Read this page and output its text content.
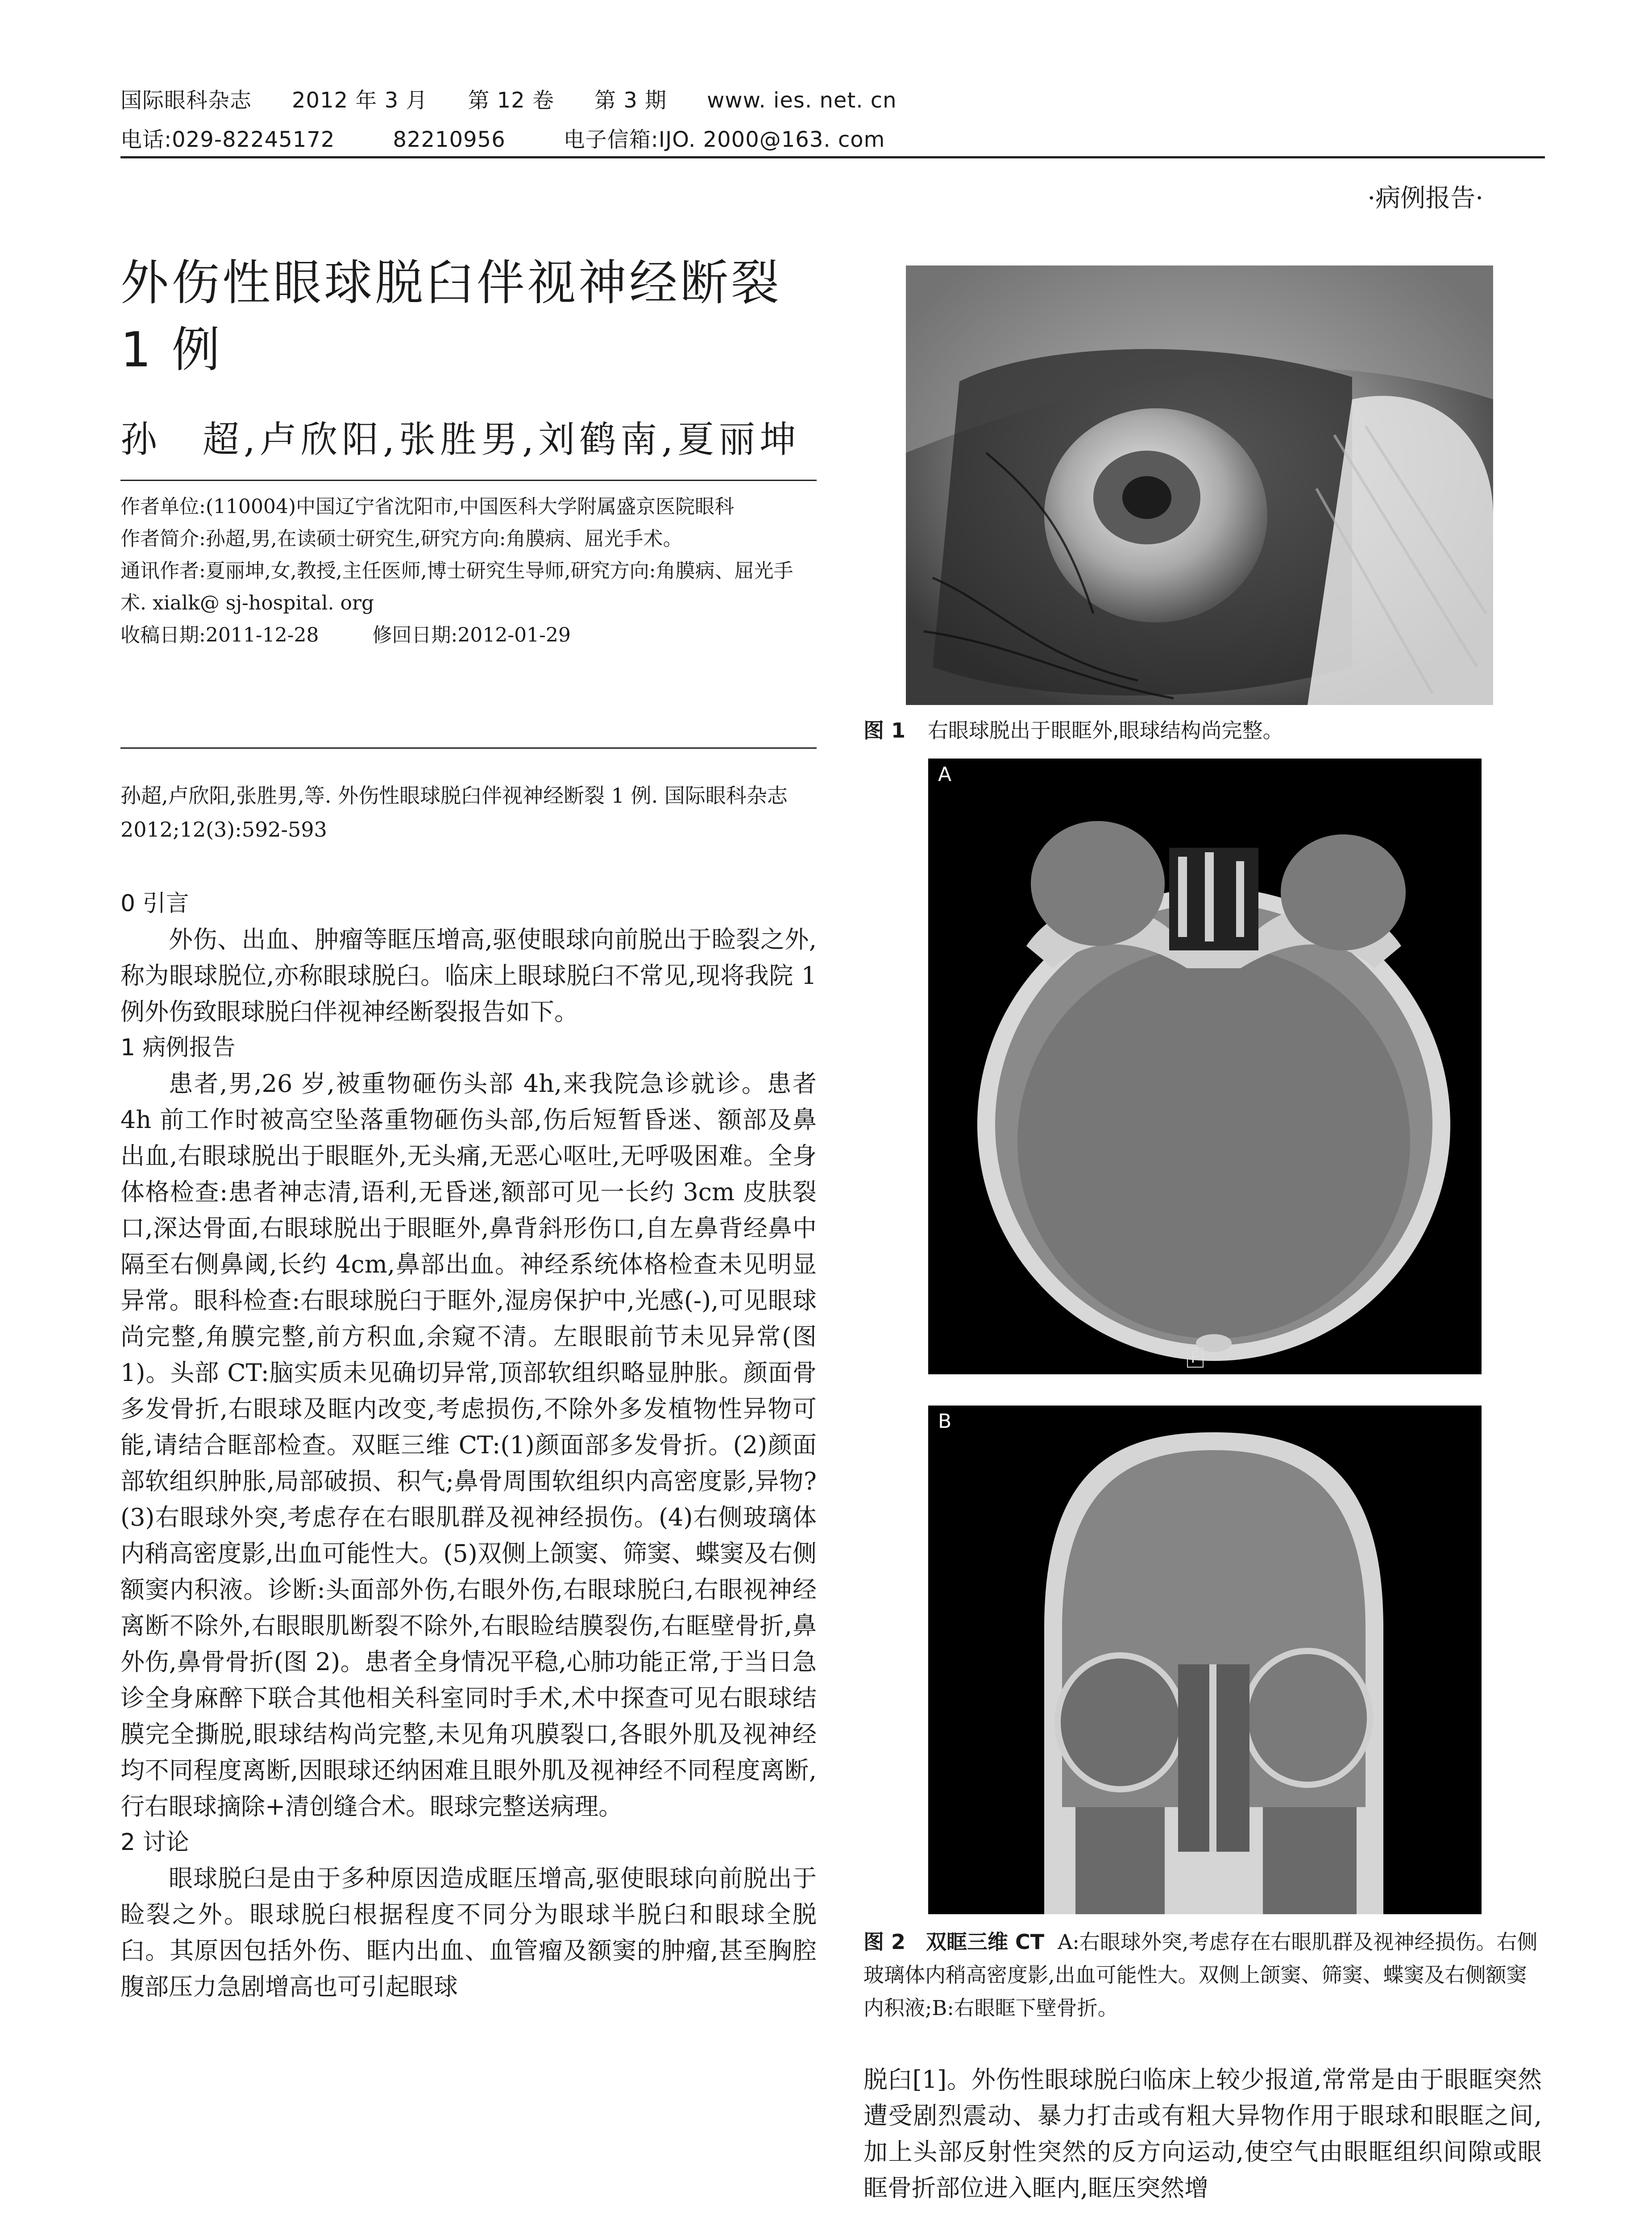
国际眼科杂志 2012 年 3 月 第 12 卷 第 3 期 www. ies. net. cn
电话:029-82245172	82210956	电子信箱:IJO. 2000@163. com
·病例报告·
外伤性眼球脱臼伴视神经断裂
1 例
孙　超,卢欣阳,张胜男,刘鹤南,夏丽坤
作者单位:(110004)中国辽宁省沈阳市,中国医科大学附属盛京医院眼科
作者简介:孙超,男,在读硕士研究生,研究方向:角膜病、屈光手术。
通讯作者:夏丽坤,女,教授,主任医师,博士研究生导师,研究方向:角膜病、屈光手术. xialk@ sj-hospital. org
收稿日期:2011-12-28	修回日期:2012-01-29
孙超,卢欣阳,张胜男,等. 外伤性眼球脱臼伴视神经断裂 1 例. 国际眼科杂志 2012;12(3):592-593
0 引言

外伤、出血、肿瘤等眶压增高,驱使眼球向前脱出于睑裂之外,称为眼球脱位,亦称眼球脱臼。临床上眼球脱臼不常见,现将我院 1 例外伤致眼球脱臼伴视神经断裂报告如下。

1 病例报告

患者,男,26 岁,被重物砸伤头部 4h,来我院急诊就诊。患者 4h 前工作时被高空坠落重物砸伤头部,伤后短暂昏迷、额部及鼻出血,右眼球脱出于眼眶外,无头痛,无恶心呕吐,无呼吸困难。全身体格检查:患者神志清,语利,无昏迷,额部可见一长约 3cm 皮肤裂口,深达骨面,右眼球脱出于眼眶外,鼻背斜形伤口,自左鼻背经鼻中隔至右侧鼻阈,长约 4cm,鼻部出血。神经系统体格检查未见明显异常。眼科检查:右眼球脱臼于眶外,湿房保护中,光感(-),可见眼球尚完整,角膜完整,前方积血,余窥不清。左眼眼前节未见异常(图 1)。头部 CT:脑实质未见确切异常,顶部软组织略显肿胀。颜面骨多发骨折,右眼球及眶内改变,考虑损伤,不除外多发植物性异物可能,请结合眶部检查。双眶三维 CT:(1)颜面部多发骨折。(2)颜面部软组织肿胀,局部破损、积气;鼻骨周围软组织内高密度影,异物?(3)右眼球外突,考虑存在右眼肌群及视神经损伤。(4)右侧玻璃体内稍高密度影,出血可能性大。(5)双侧上颌窦、筛窦、蝶窦及右侧额窦内积液。诊断:头面部外伤,右眼外伤,右眼球脱臼,右眼视神经离断不除外,右眼眼肌断裂不除外,右眼睑结膜裂伤,右眶壁骨折,鼻外伤,鼻骨骨折(图 2)。患者全身情况平稳,心肺功能正常,于当日急诊全身麻醉下联合其他相关科室同时手术,术中探查可见右眼球结膜完全撕脱,眼球结构尚完整,未见角巩膜裂口,各眼外肌及视神经均不同程度离断,因眼球还纳困难且眼外肌及视神经不同程度离断,行右眼球摘除+清创缝合术。眼球完整送病理。

2 讨论

眼球脱臼是由于多种原因造成眶压增高,驱使眼球向前脱出于睑裂之外。眼球脱臼根据程度不同分为眼球半脱臼和眼球全脱臼。其原因包括外伤、眶内出血、血管瘤及额窦的肿瘤,甚至胸腔腹部压力急剧增高也可引起眼球

图 1 右眼球脱出于眼眶外,眼球结构尚完整。
A
F
B
图 2　双眶三维 CT A:右眼球外突,考虑存在右眼肌群及视神经损伤。右侧玻璃体内稍高密度影,出血可能性大。双侧上颌窦、筛窦、蝶窦及右侧额窦内积液;B:右眼眶下壁骨折。

脱臼[1]。外伤性眼球脱臼临床上较少报道,常常是由于眼眶突然遭受剧烈震动、暴力打击或有粗大异物作用于眼球和眼眶之间,加上头部反射性突然的反方向运动,使空气由眼眶组织间隙或眼眶骨折部位进入眶内,眶压突然增
